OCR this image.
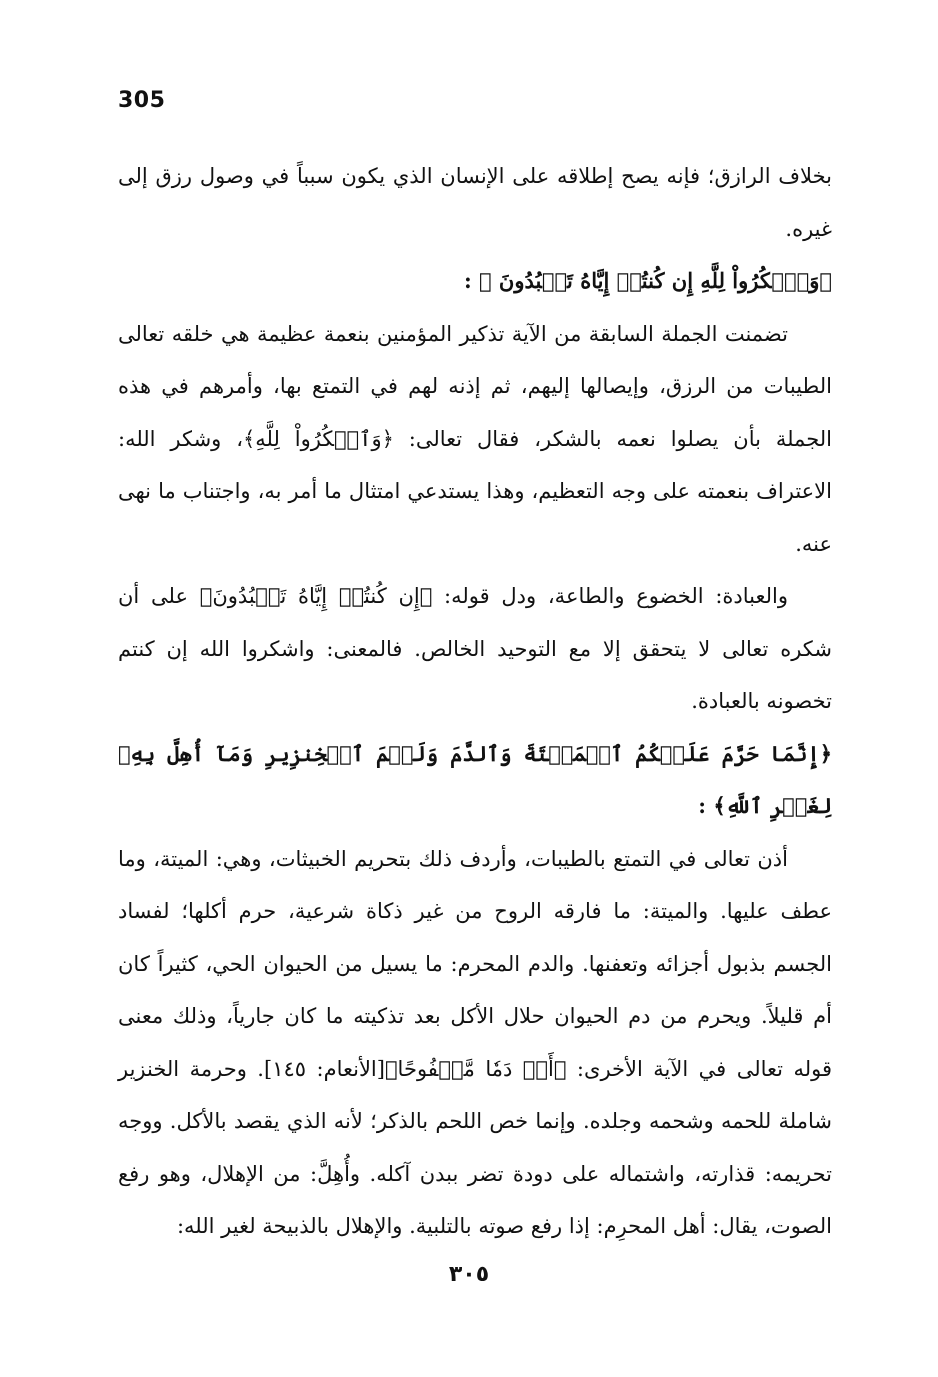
305

بخلاف الرازق؛ فإنه يصح إطلاقه على الإنسان الذي يكون سبباً في وصول رزق إلى غيره.

﴿وَٱشۡكُرُواْ لِلَّهِ إِن كُنتُمۡ إِيَّاهُ تَعۡبُدُونَ ﴾ :

تضمنت الجملة السابقة من الآية تذكير المؤمنين بنعمة عظيمة هي خلقه تعالى الطيبات من الرزق، وإيصالها إليهم، ثم إذنه لهم في التمتع بها، وأمرهم في هذه الجملة بأن يصلوا نعمه بالشكر، فقال تعالى: ﴿وَٱشۡكُرُواْ لِلَّهِ﴾، وشكر الله: الاعتراف بنعمته على وجه التعظيم، وهذا يستدعي امتثال ما أمر به، واجتناب ما نهى عنه.

والعبادة: الخضوع والطاعة، ودل قوله: ﴿إِن كُنتُمۡ إِيَّاهُ تَعۡبُدُونَ﴾ على أن شكره تعالى لا يتحقق إلا مع التوحيد الخالص. فالمعنى: واشكروا الله إن كنتم تخصونه بالعبادة.

﴿إِنَّمَا حَرَّمَ عَلَيۡكُمُ ٱلۡمَيۡتَةَ وَٱلدَّمَ وَلَحۡمَ ٱلۡخِنزِيرِ وَمَآ أُهِلَّ بِهِۦ لِغَيۡرِ ٱللَّهِ﴾ :

أذن تعالى في التمتع بالطيبات، وأردف ذلك بتحريم الخبيثات، وهي: الميتة، وما عطف عليها. والميتة: ما فارقه الروح من غير ذكاة شرعية، حرم أكلها؛ لفساد الجسم بذبول أجزائه وتعفنها. والدم المحرم: ما يسيل من الحيوان الحي، كثيراً كان أم قليلاً. ويحرم من دم الحيوان حلال الأكل بعد تذكيته ما كان جارياً، وذلك معنى قوله تعالى في الآية الأخرى: ﴿أَوۡ دَمٗا مَّسۡفُوحًا﴾[الأنعام: ١٤٥]. وحرمة الخنزير شاملة للحمه وشحمه وجلده. وإنما خص اللحم بالذكر؛ لأنه الذي يقصد بالأكل. ووجه تحريمه: قذارته، واشتماله على دودة تضر ببدن آكله. وأُهِلَّ: من الإهلال، وهو رفع الصوت، يقال: أهل المحرِم: إذا رفع صوته بالتلبية. والإهلال بالذبيحة لغير الله:

٣٠٥
